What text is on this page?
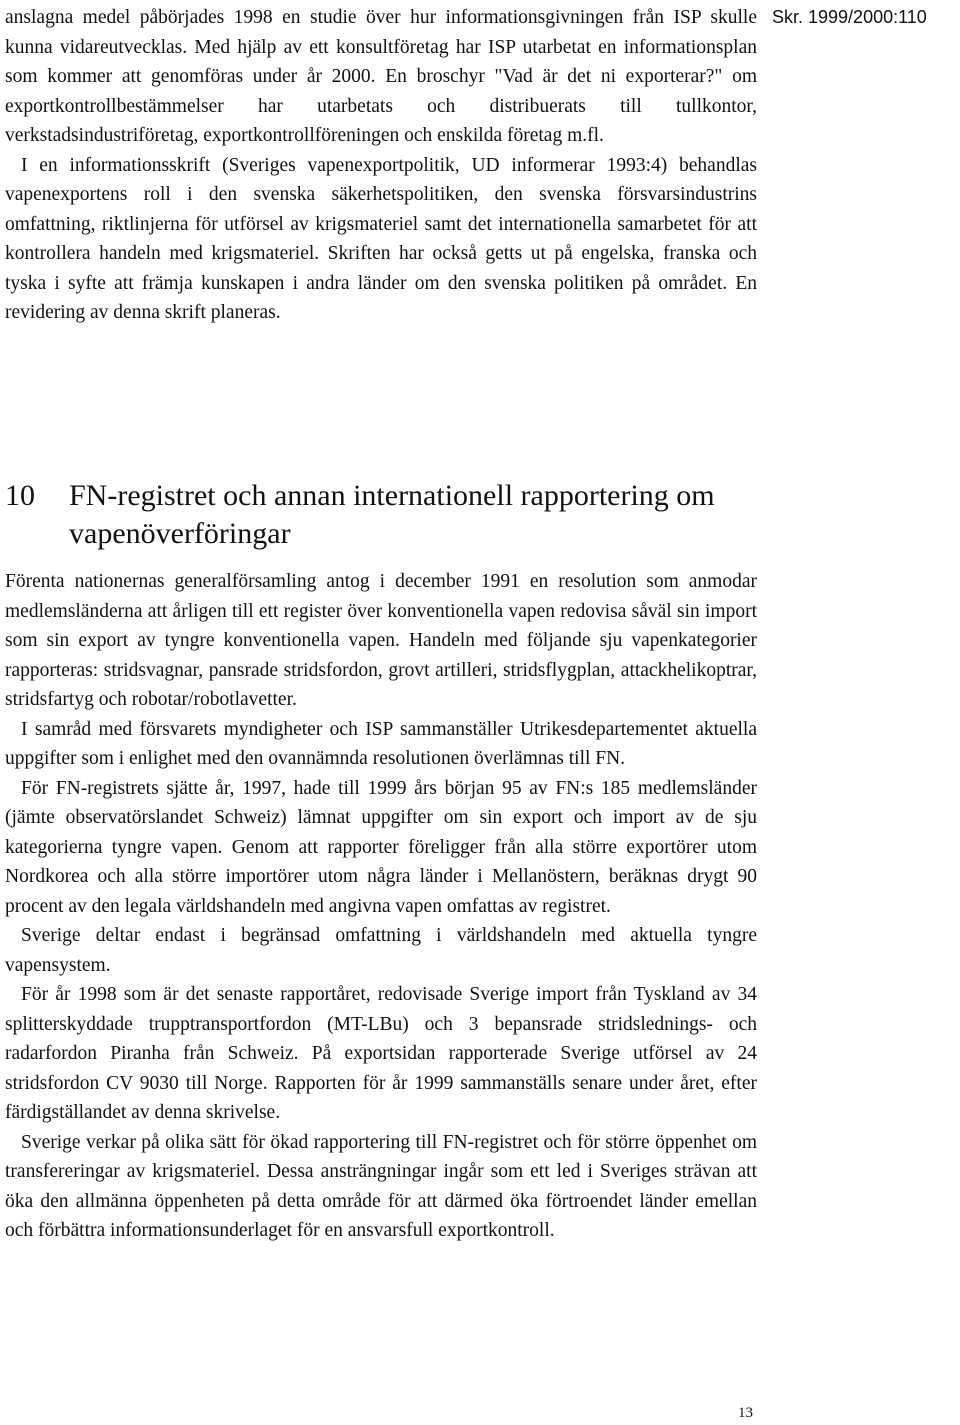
Skr. 1999/2000:110

anslagna medel påbörjades 1998 en studie över hur informationsgivningen från ISP skulle kunna vidareutvecklas. Med hjälp av ett konsultföretag har ISP utarbetat en informationsplan som kommer att genomföras under år 2000. En broschyr "Vad är det ni exporterar?" om exportkontrollbestämmelser har utarbetats och distribuerats till tullkontor, verkstadsindustriföretag, exportkontrollföreningen och enskilda företag m.fl.

I en informationsskrift (Sveriges vapenexportpolitik, UD informerar 1993:4) behandlas vapenexportens roll i den svenska säkerhetspolitiken, den svenska försvarsindustrins omfattning, riktlinjerna för utförsel av krigsmateriel samt det internationella samarbetet för att kontrollera handeln med krigsmateriel. Skriften har också getts ut på engelska, franska och tyska i syfte att främja kunskapen i andra länder om den svenska politiken på området. En revidering av denna skrift planeras.

10 FN-registret och annan internationell rapportering om vapenöverföringar

Förenta nationernas generalförsamling antog i december 1991 en resolution som anmodar medlemsländerna att årligen till ett register över konventionella vapen redovisa såväl sin import som sin export av tyngre konventionella vapen. Handeln med följande sju vapenkategorier rapporteras: stridsvagnar, pansrade stridsfordon, grovt artilleri, stridsflygplan, attackhelikoptrar, stridsfartyg och robotar/robotlavetter.

I samråd med försvarets myndigheter och ISP sammanställer Utrikesdepartementet aktuella uppgifter som i enlighet med den ovannämnda resolutionen överlämnas till FN.

För FN-registrets sjätte år, 1997, hade till 1999 års början 95 av FN:s 185 medlemsländer (jämte observatörslandet Schweiz) lämnat uppgifter om sin export och import av de sju kategorierna tyngre vapen. Genom att rapporter föreligger från alla större exportörer utom Nordkorea och alla större importörer utom några länder i Mellanöstern, beräknas drygt 90 procent av den legala världshandeln med angivna vapen omfattas av registret.

Sverige deltar endast i begränsad omfattning i världshandeln med aktuella tyngre vapensystem.

För år 1998 som är det senaste rapportåret, redovisade Sverige import från Tyskland av 34 splitterskyddade trupptransportfordon (MT-LBu) och 3 bepansrade stridslednings- och radarfordon Piranha från Schweiz. På exportsidan rapporterade Sverige utförsel av 24 stridsfordon CV 9030 till Norge. Rapporten för år 1999 sammanställs senare under året, efter färdigställandet av denna skrivelse.

Sverige verkar på olika sätt för ökad rapportering till FN-registret och för större öppenhet om transfereringar av krigsmateriel. Dessa ansträngningar ingår som ett led i Sveriges strävan att öka den allmänna öppenheten på detta område för att därmed öka förtroendet länder emellan och förbättra informationsunderlaget för en ansvarsfull exportkontroll.

13
